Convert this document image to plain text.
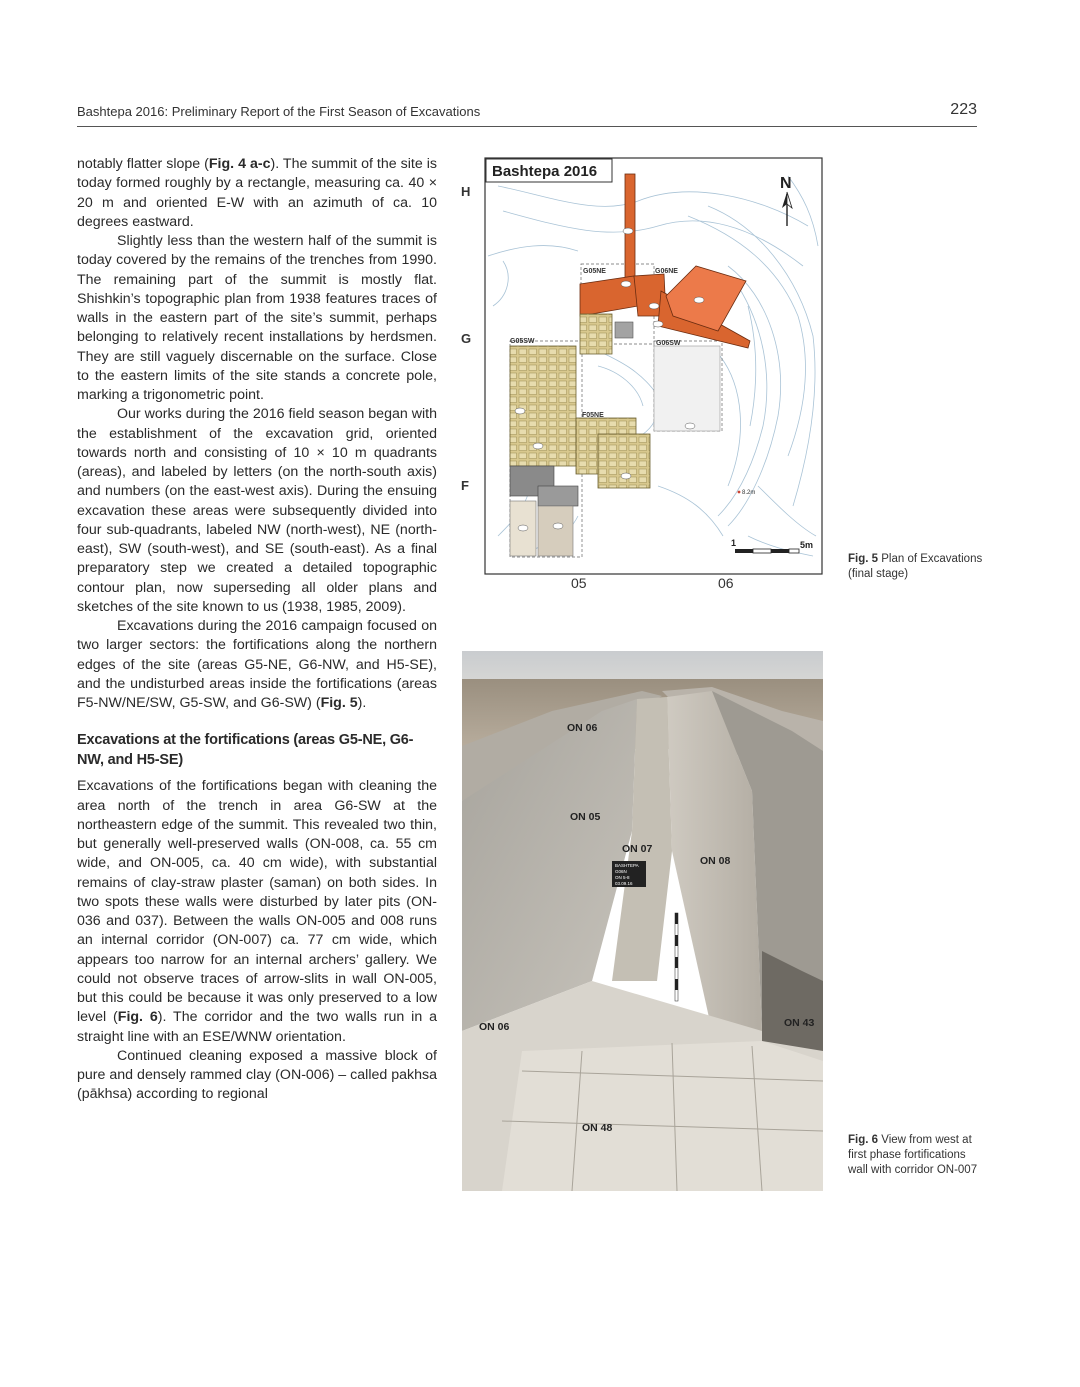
Bashtepa 2016: Preliminary Report of the First Season of Excavations	223

notably flatter slope (Fig. 4 a-c). The summit of the site is today formed roughly by a rectangle, measuring ca. 40 × 20 m and oriented E-W with an azimuth of ca. 10 degrees eastward.

Slightly less than the western half of the summit is today covered by the remains of the trenches from 1990. The remaining part of the summit is mostly flat. Shishkin’s topographic plan from 1938 features traces of walls in the eastern part of the site’s summit, perhaps belonging to relatively recent installations by herdsmen. They are still vaguely discernable on the surface. Close to the eastern limits of the site stands a concrete pole, marking a trigonometric point.

Our works during the 2016 field season began with the establishment of the excavation grid, oriented towards north and consisting of 10 × 10 m quadrants (areas), and labeled by letters (on the north-south axis) and numbers (on the east-west axis). During the ensuing excavation these areas were subsequently divided into four sub-quadrants, labeled NW (north-west), NE (north-east), SW (south-west), and SE (south-east). As a final preparatory step we created a detailed topographic contour plan, now superseding all older plans and sketches of the site known to us (1938, 1985, 2009).

Excavations during the 2016 campaign focused on two larger sectors: the fortifications along the northern edges of the site (areas G5-NE, G6-NW, and H5-SE), and the undisturbed areas inside the fortifications (areas F5-NW/NE/SW, G5-SW, and G6-SW) (Fig. 5).

Excavations at the fortifications (areas G5-NE, G6-NW, and H5-SE)

Excavations of the fortifications began with cleaning the area north of the trench in area G6-SW at the northeastern edge of the summit. This revealed two thin, but generally well-preserved walls (ON-008, ca. 55 cm wide, and ON-005, ca. 40 cm wide), with substantial remains of clay-straw plaster (saman) on both sides. In two spots these walls were disturbed by later pits (ON-036 and 037). Between the walls ON-005 and 008 runs an internal corridor (ON-007) ca. 77 cm wide, which appears too narrow for an internal archers’ gallery. We could not observe traces of arrow-slits in wall ON-005, but this could be because it was only preserved to a low level (Fig. 6). The corridor and the two walls run in a straight line with an ESE/WNW orientation.

Continued cleaning exposed a massive block of pure and densely rammed clay (ON-006) – called pakhsa (pākhsa) according to regional

H
G
F
05	06
G05NE	G06NE
G05SW	G06SW
F05NE
8.2m
Bashtepa 2016
N
1	5m
BASHTEPA
G06N
ON 5-8
03.09.16
ON 06
ON 05
ON 07
ON 08
ON 06	ON 43
ON 48
Fig. 5 Plan of Excavations (final stage)
Fig. 6 View from west at first phase fortifications wall with corridor ON-007
